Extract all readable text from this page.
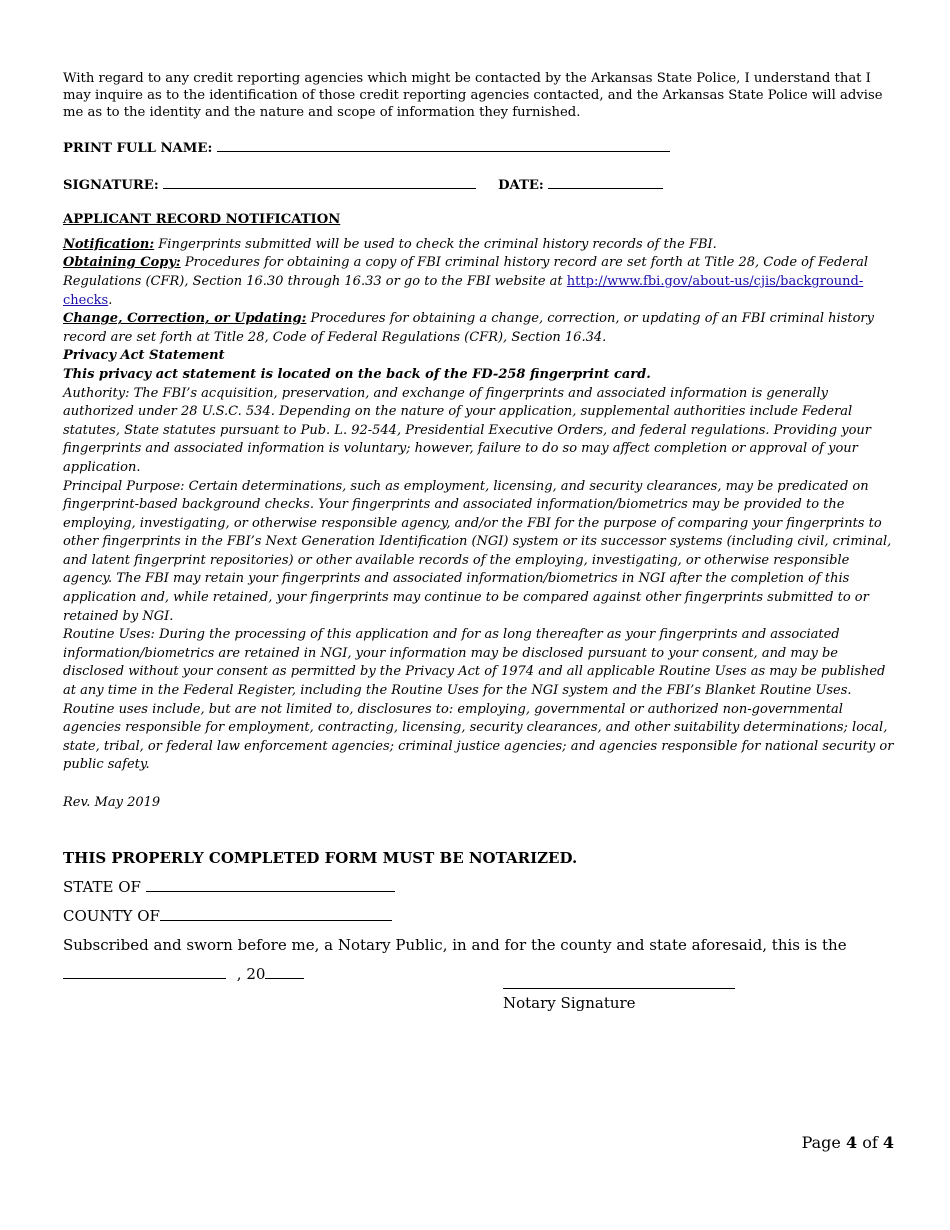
With regard to any credit reporting agencies which might be contacted by the Arkansas State Police, I understand that I may inquire as to the identification of those credit reporting agencies contacted, and the Arkansas State Police will advise me as to the identity and the nature and scope of information they furnished.

PRINT FULL NAME:
SIGNATURE:	DATE:
APPLICANT RECORD NOTIFICATION

Notification: Fingerprints submitted will be used to check the criminal history records of the FBI.

Obtaining Copy: Procedures for obtaining a copy of FBI criminal history record are set forth at Title 28, Code of Federal Regulations (CFR), Section 16.30 through 16.33 or go to the FBI website at http://www.fbi.gov/about-us/cjis/background-checks.

Change, Correction, or Updating: Procedures for obtaining a change, correction, or updating of an FBI criminal history record are set forth at Title 28, Code of Federal Regulations (CFR), Section 16.34.

Privacy Act Statement

This privacy act statement is located on the back of the FD-258 fingerprint card.

Authority: The FBI’s acquisition, preservation, and exchange of fingerprints and associated information is generally authorized under 28 U.S.C. 534. Depending on the nature of your application, supplemental authorities include Federal statutes, State statutes pursuant to Pub. L. 92-544, Presidential Executive Orders, and federal regulations. Providing your fingerprints and associated information is voluntary; however, failure to do so may affect completion or approval of your application.

Principal Purpose: Certain determinations, such as employment, licensing, and security clearances, may be predicated on fingerprint-based background checks. Your fingerprints and associated information/biometrics may be provided to the employing, investigating, or otherwise responsible agency, and/or the FBI for the purpose of comparing your fingerprints to other fingerprints in the FBI’s Next Generation Identification (NGI) system or its successor systems (including civil, criminal, and latent fingerprint repositories) or other available records of the employing, investigating, or otherwise responsible agency. The FBI may retain your fingerprints and associated information/biometrics in NGI after the completion of this application and, while retained, your fingerprints may continue to be compared against other fingerprints submitted to or retained by NGI.

Routine Uses: During the processing of this application and for as long thereafter as your fingerprints and associated information/biometrics are retained in NGI, your information may be disclosed pursuant to your consent, and may be disclosed without your consent as permitted by the Privacy Act of 1974 and all applicable Routine Uses as may be published at any time in the Federal Register, including the Routine Uses for the NGI system and the FBI’s Blanket Routine Uses. Routine uses include, but are not limited to, disclosures to: employing, governmental or authorized non-governmental agencies responsible for employment, contracting, licensing, security clearances, and other suitability determinations; local, state, tribal, or federal law enforcement agencies; criminal justice agencies; and agencies responsible for national security or public safety.

Rev. May 2019

THIS PROPERLY COMPLETED FORM MUST BE NOTARIZED.
STATE OF
COUNTY OF
Subscribed and sworn before me, a Notary Public, in and for the county and state aforesaid, this is the
, 20
Notary Signature
Page 4 of 4
